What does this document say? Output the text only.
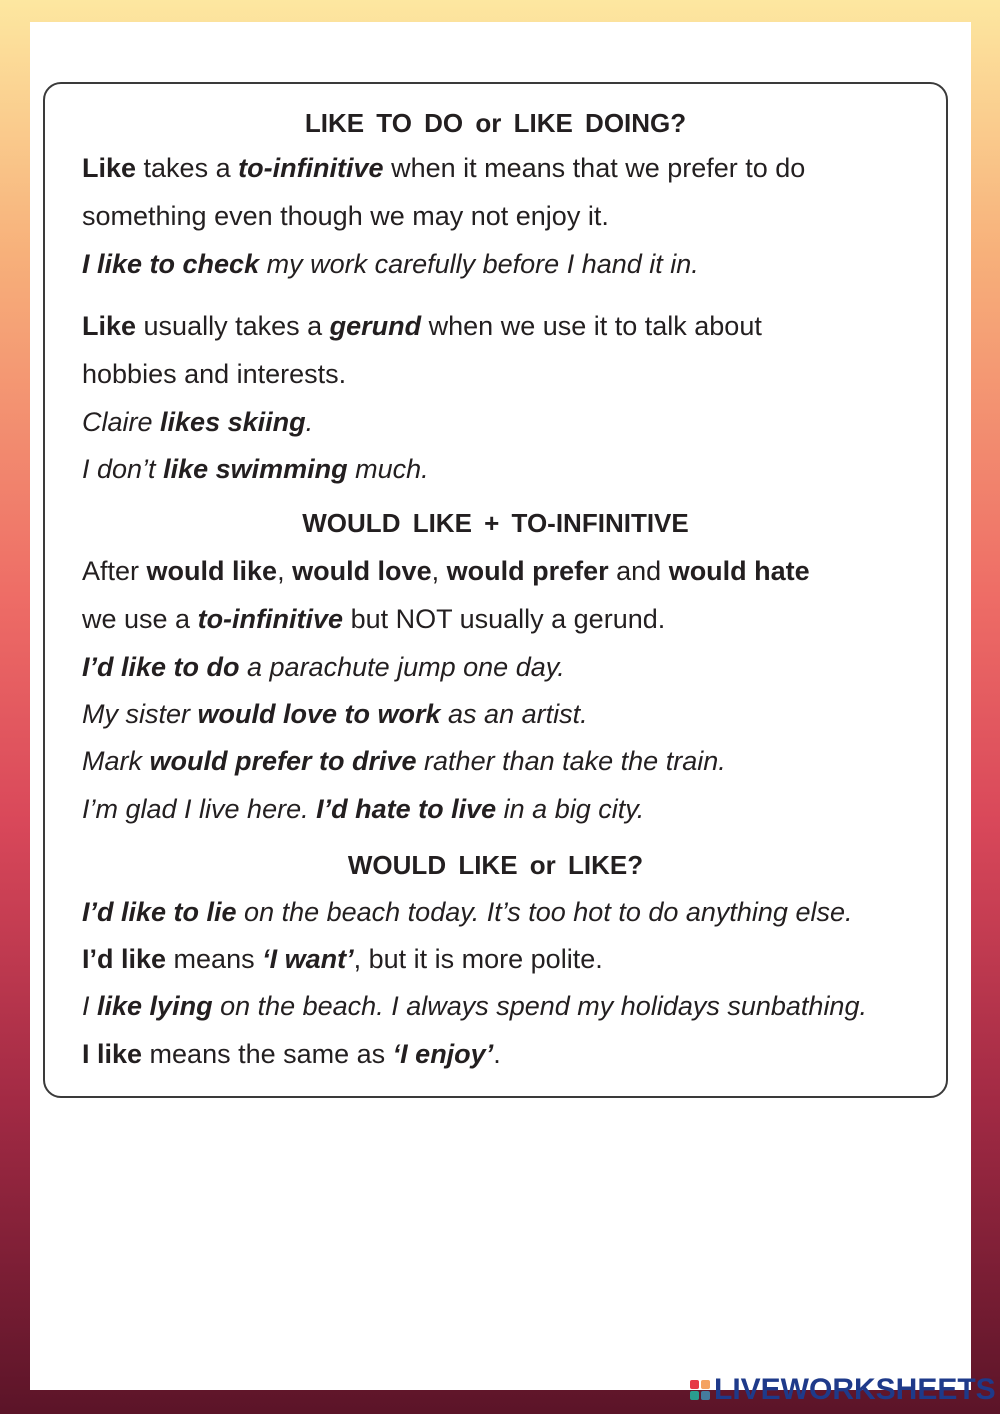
LIKE TO DO or LIKE DOING?

Like takes a to-infinitive when it means that we prefer to do

something even though we may not enjoy it.

I like to check my work carefully before I hand it in.

Like usually takes a gerund when we use it to talk about

hobbies and interests.

Claire likes skiing.

I don’t like swimming much.

WOULD LIKE + TO-INFINITIVE

After would like, would love, would prefer and would hate

we use a to-infinitive but NOT usually a gerund.

I’d like to do a parachute jump one day.

My sister would love to work as an artist.

Mark would prefer to drive rather than take the train.

I’m glad I live here. I’d hate to live in a big city.

WOULD LIKE or LIKE?

I’d like to lie on the beach today. It’s too hot to do anything else.

I’d like means ‘I want’, but it is more polite.

I like lying on the beach. I always spend my holidays sunbathing.

I like means the same as ‘I enjoy’.

LIVEWORKSHEETS
